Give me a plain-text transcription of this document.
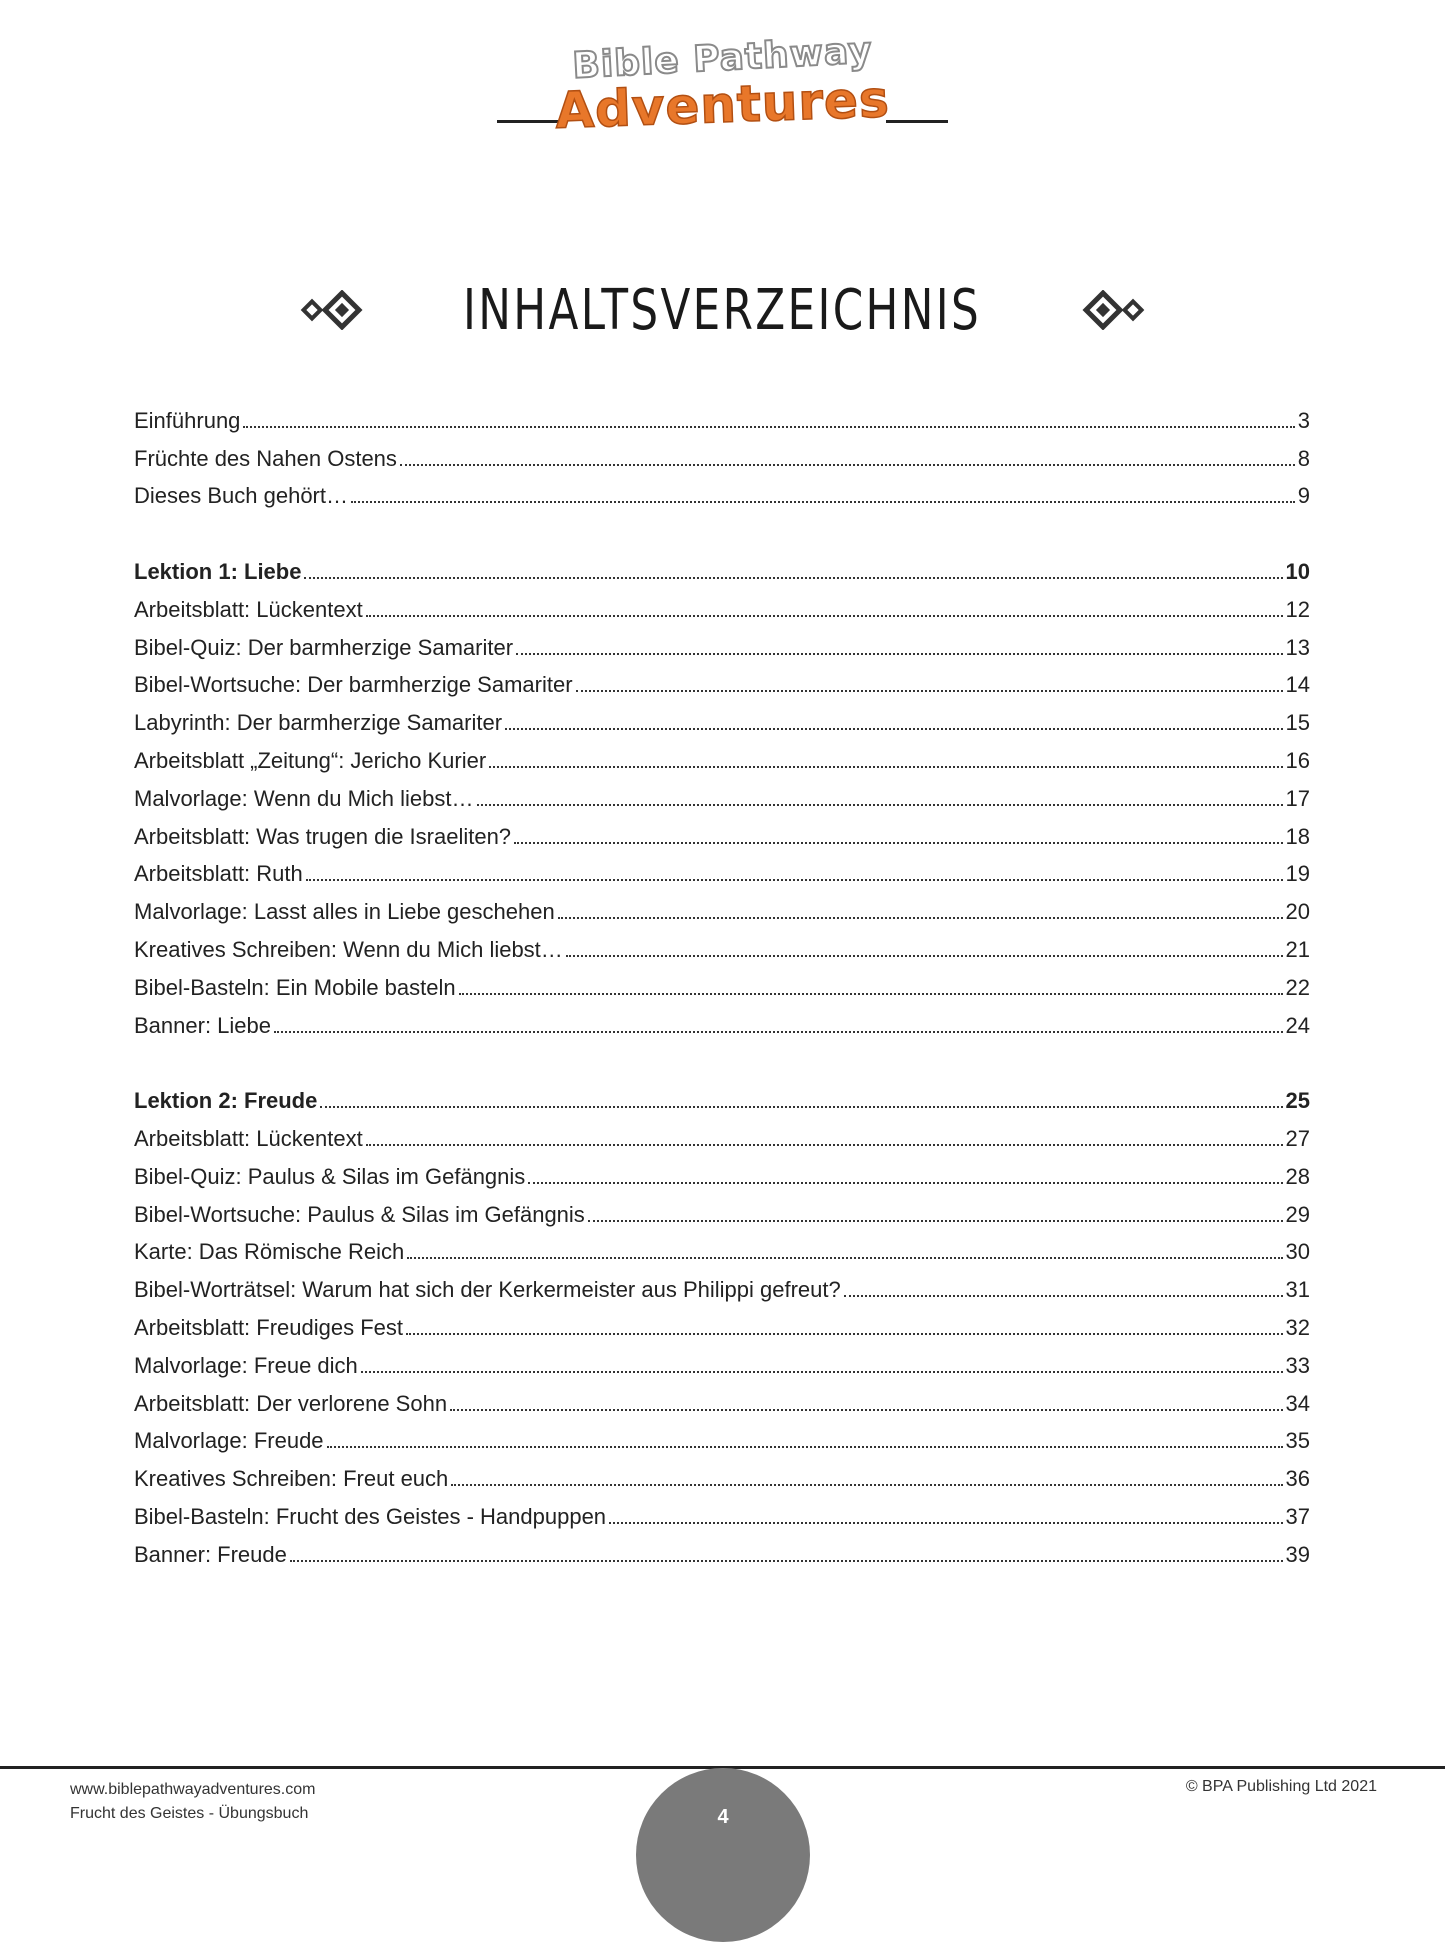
Bible Pathway
Adventures
INHALTSVERZEICHNIS
Einführung	3
Früchte des Nahen Ostens	8
Dieses Buch gehört…	9
Lektion 1: Liebe	10
Arbeitsblatt: Lückentext	12
Bibel-Quiz: Der barmherzige Samariter	13
Bibel-Wortsuche: Der barmherzige Samariter	14
Labyrinth: Der barmherzige Samariter	15
Arbeitsblatt „Zeitung“: Jericho Kurier	16
Malvorlage: Wenn du Mich liebst…	17
Arbeitsblatt: Was trugen die Israeliten?	18
Arbeitsblatt: Ruth	19
Malvorlage: Lasst alles in Liebe geschehen	20
Kreatives Schreiben: Wenn du Mich liebst…	21
Bibel-Basteln: Ein Mobile basteln	22
Banner: Liebe	24
Lektion 2: Freude	25
Arbeitsblatt: Lückentext	27
Bibel-Quiz: Paulus & Silas im Gefängnis	28
Bibel-Wortsuche: Paulus & Silas im Gefängnis	29
Karte: Das Römische Reich	30
Bibel-Worträtsel: Warum hat sich der Kerkermeister aus Philippi gefreut?	31
Arbeitsblatt: Freudiges Fest	32
Malvorlage: Freue dich	33
Arbeitsblatt: Der verlorene Sohn	34
Malvorlage: Freude	35
Kreatives Schreiben: Freut euch	36
Bibel-Basteln: Frucht des Geistes - Handpuppen	37
Banner: Freude	39
www.biblepathwayadventures.com
Frucht des Geistes - Übungsbuch
© BPA Publishing Ltd 2021
4
